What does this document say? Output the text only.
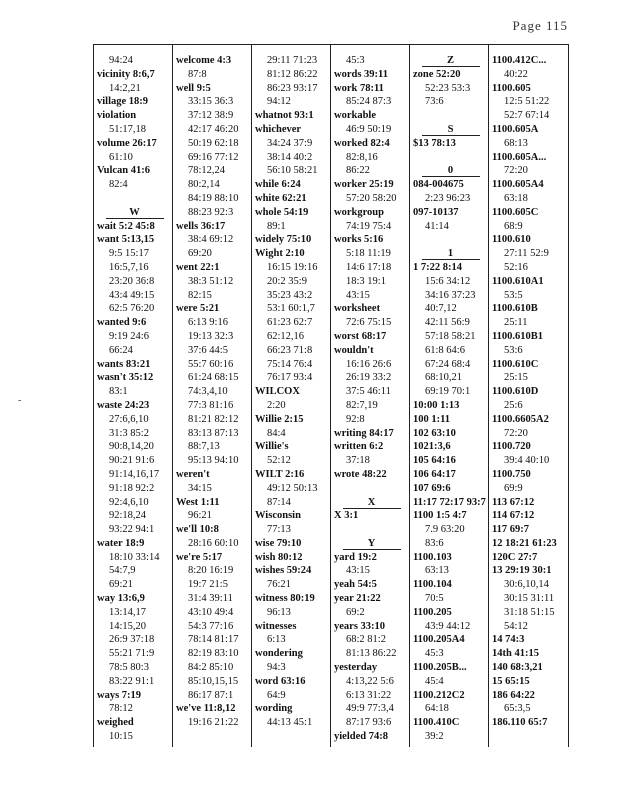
Page 115
-
94:24
vicinity 8:6,7
14:2,21
village 18:9
violation
51:17,18
volume 26:17
61:10
Vulcan 41:6
82:4
W
wait 5:2 45:8
want 5:13,15
9:5 15:17
16:5,7,16
23:20 36:8
43:4 49:15
62:5 76:20
wanted 9:6
9:19 24:6
66:24
wants 83:21
wasn't 35:12
83:1
waste 24:23
27:6,6,10
31:3 85:2
90:8,14,20
90:21 91:6
91:14,16,17
91:18 92:2
92:4,6,10
92:18,24
93:22 94:1
water 18:9
18:10 33:14
54:7,9
69:21
way 13:6,9
13:14,17
14:15,20
26:9 37:18
55:21 71:9
78:5 80:3
83:22 91:1
ways 7:19
78:12
weighed
10:15
welcome 4:3
87:8
well 9:5
33:15 36:3
37:12 38:9
42:17 46:20
50:19 62:18
69:16 77:12
78:12,24
80:2,14
84:19 88:10
88:23 92:3
wells 36:17
38:4 69:12
69:20
went 22:1
38:3 51:12
82:15
were 5:21
6:13 9:16
19:13 32:3
37:6 44:5
55:7 60:16
61:24 68:15
74:3,4,10
77:3 81:16
81:21 82:12
83:13 87:13
88:7,13
95:13 94:10
weren't
34:15
West 1:11
96:21
we'll 10:8
28:16 60:10
we're 5:17
8:20 16:19
19:7 21:5
31:4 39:11
43:10 49:4
54:3 77:16
78:14 81:17
82:19 83:10
84:2 85:10
85:10,15,15
86:17 87:1
we've 11:8,12
19:16 21:22
29:11 71:23
81:12 86:22
86:23 93:17
94:12
whatnot 93:1
whichever
34:24 37:9
38:14 40:2
56:10 58:21
while 6:24
white 62:21
whole 54:19
89:1
widely 75:10
Wight 2:10
16:15 19:16
20:2 35:9
35:23 43:2
53:1 60:1,7
61:23 62:7
62:12,16
66:23 71:8
75:14 76:4
76:17 93:4
WILCOX
2:20
Willie 2:15
84:4
Willie's
52:12
WILT 2:16
49:12 50:13
87:14
Wisconsin
77:13
wise 79:10
wish 80:12
wishes 59:24
76:21
witness 80:19
96:13
witnesses
6:13
wondering
94:3
word 63:16
64:9
wording
44:13 45:1
45:3
words 39:11
work 78:11
85:24 87:3
workable
46:9 50:19
worked 82:4
82:8,16
86:22
worker 25:19
57:20 58:20
workgroup
74:19 75:4
works 5:16
5:18 11:19
14:6 17:18
18:3 19:1
43:15
worksheet
72:6 75:15
worst 68:17
wouldn't
16:16 26:6
26:19 33:2
37:5 46:11
82:7,19
92:8
writing 84:17
written 6:2
37:18
wrote 48:22
X
X 3:1
Y
yard 19:2
43:15
yeah 54:5
year 21:22
69:2
years 33:10
68:2 81:2
81:13 86:22
yesterday
4:13,22 5:6
6:13 31:22
49:9 77:3,4
87:17 93:6
yielded 74:8
Z
zone 52:20
52:23 53:3
73:6
S
$13 78:13
0
084-004675
2:23 96:23
097-10137
41:14
1
1 7:22 8:14
15:6 34:12
34:16 37:23
40:7,12
42:11 56:9
57:18 58:21
61:8 64:6
67:24 68:4
68:10,21
69:19 70:1
10:00 1:13
100 1:11
102 63:10
1021:3,6
105 64:16
106 64:17
107 69:6
11:17 72:17 93:7
1100 1:5 4:7
7.9 63:20
83:6
1100.103
63:13
1100.104
70:5
1100.205
43:9 44:12
1100.205A4
45:3
1100.205B...
45:4
1100.212C2
64:18
1100.410C
39:2
1100.412C...
40:22
1100.605
12:5 51:22
52:7 67:14
1100.605A
68:13
1100.605A...
72:20
1100.605A4
63:18
1100.605C
68:9
1100.610
27:11 52:9
52:16
1100.610A1
53:5
1100.610B
25:11
1100.610B1
53:6
1100.610C
25:15
1100.610D
25:6
1100.6605A2
72:20
1100.720
39:4 40:10
1100.750
69:9
113 67:12
114 67:12
117 69:7
12 18:21 61:23
120C 27:7
13 29:19 30:1
30:6,10,14
30:15 31:11
31:18 51:15
54:12
14 74:3
14th 41:15
140 68:3,21
15 65:15
186 64:22
65:3,5
186.110 65:7
